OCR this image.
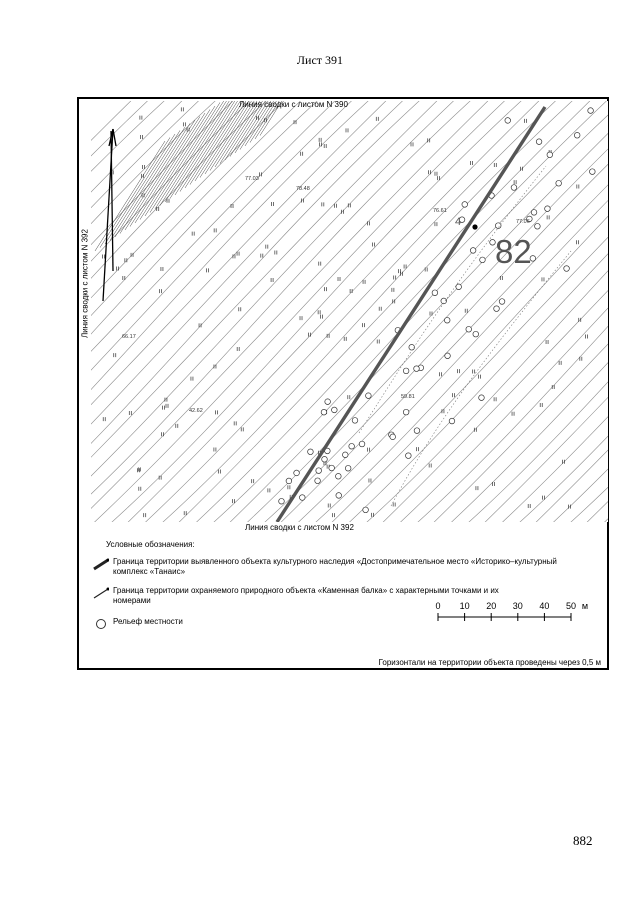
Лист 391
Линия сводки с листом N 390
82
4
77.03
78.48
66.17
76.61
42.62
77.06
59.81
Линия сводки с листом N 392
Линия сводки с листом N 392
Условные обозначения:
Граница территории выявленного объекта культурного наследия «Достопримечательное место «Историко–культурный комплекс «Танаис»
Граница территории охраняемого природного объекта «Каменная балка» с характерными точками и их номерами
Рельеф местности
0 10 20 30 40 50 м
Горизонтали на территории объекта проведены через 0,5 м
882
